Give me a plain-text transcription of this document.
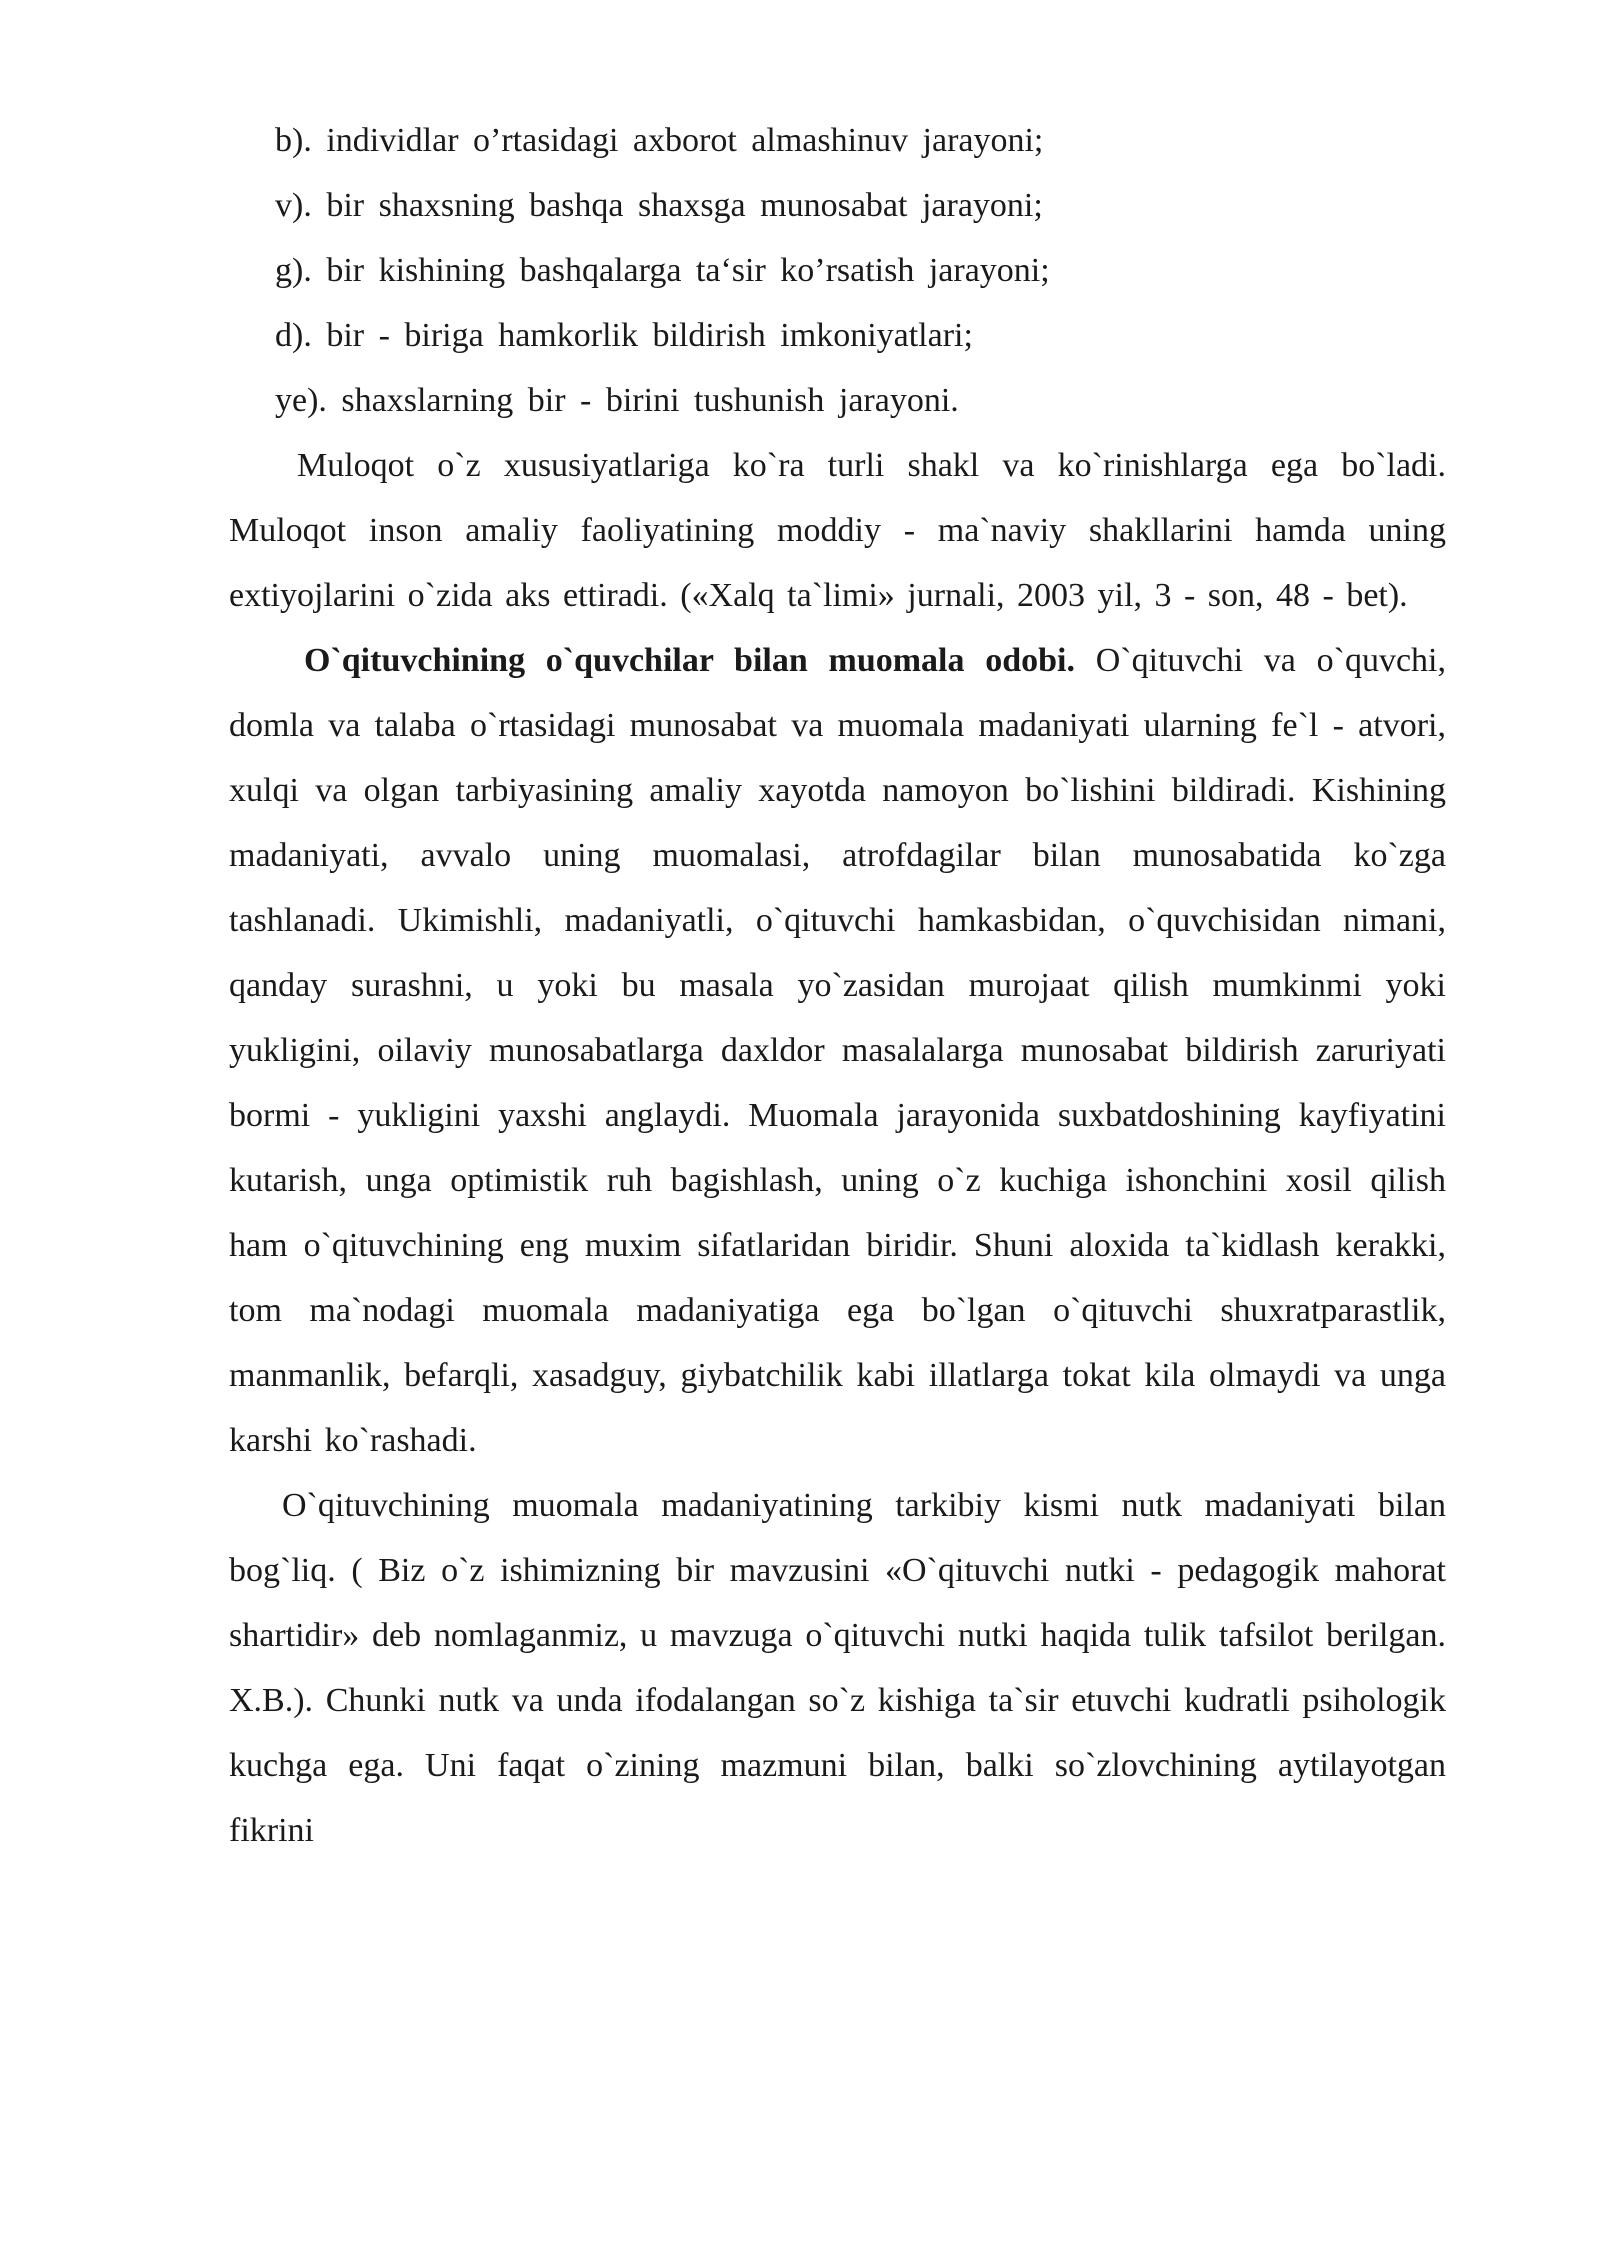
b). individlar o’rtasidagi axborot almashinuv jarayoni;
v). bir shaxsning bashqa shaxsga munosabat jarayoni;
g). bir kishining bashqalarga ta‘sir ko’rsatish jarayoni;
d). bir - biriga hamkorlik bildirish imkoniyatlari;
ye). shaxslarning bir - birini tushunish jarayoni.

Muloqot o`z xususiyatlariga ko`ra turli shakl va ko`rinishlarga ega bo`ladi. Muloqot inson amaliy faoliyatining moddiy - ma`naviy shakllarini hamda uning extiyojlarini o`zida aks ettiradi. («Xalq ta`limi» jurnali, 2003 yil, 3 - son, 48 - bet).

O`qituvchining o`quvchilar bilan muomala odobi. O`qituvchi va o`quvchi, domla va talaba o`rtasidagi munosabat va muomala madaniyati ularning fe`l - atvori, xulqi va olgan tarbiyasining amaliy xayotda namoyon bo`lishini bildiradi. Kishining madaniyati, avvalo uning muomalasi, atrofdagilar bilan munosabatida ko`zga tashlanadi. Ukimishli, madaniyatli, o`qituvchi hamkasbidan, o`quvchisidan nimani, qanday surashni, u yoki bu masala yo`zasidan murojaat qilish mumkinmi yoki yukligini, oilaviy munosabatlarga daxldor masalalarga munosabat bildirish zaruriyati bormi - yukligini yaxshi anglaydi. Muomala jarayonida suxbatdoshining kayfiyatini kutarish, unga optimistik ruh bagishlash, uning o`z kuchiga ishonchini xosil qilish ham o`qituvchining eng muxim sifatlaridan biridir. Shuni aloxida ta`kidlash kerakki, tom ma`nodagi muomala madaniyatiga ega bo`lgan o`qituvchi shuxratparastlik, manmanlik, befarqli, xasadguy, giybatchilik kabi illatlarga tokat kila olmaydi va unga karshi ko`rashadi.

O`qituvchining muomala madaniyatining tarkibiy kismi nutk madaniyati bilan bog`liq. ( Biz o`z ishimizning bir mavzusini «O`qituvchi nutki - pedagogik mahorat shartidir» deb nomlaganmiz, u mavzuga o`qituvchi nutki haqida tulik tafsilot berilgan. X.B.). Chunki nutk va unda ifodalangan so`z kishiga ta`sir etuvchi kudratli psihologik kuchga ega. Uni faqat o`zining mazmuni bilan, balki so`zlovchining aytilayotgan fikrini
